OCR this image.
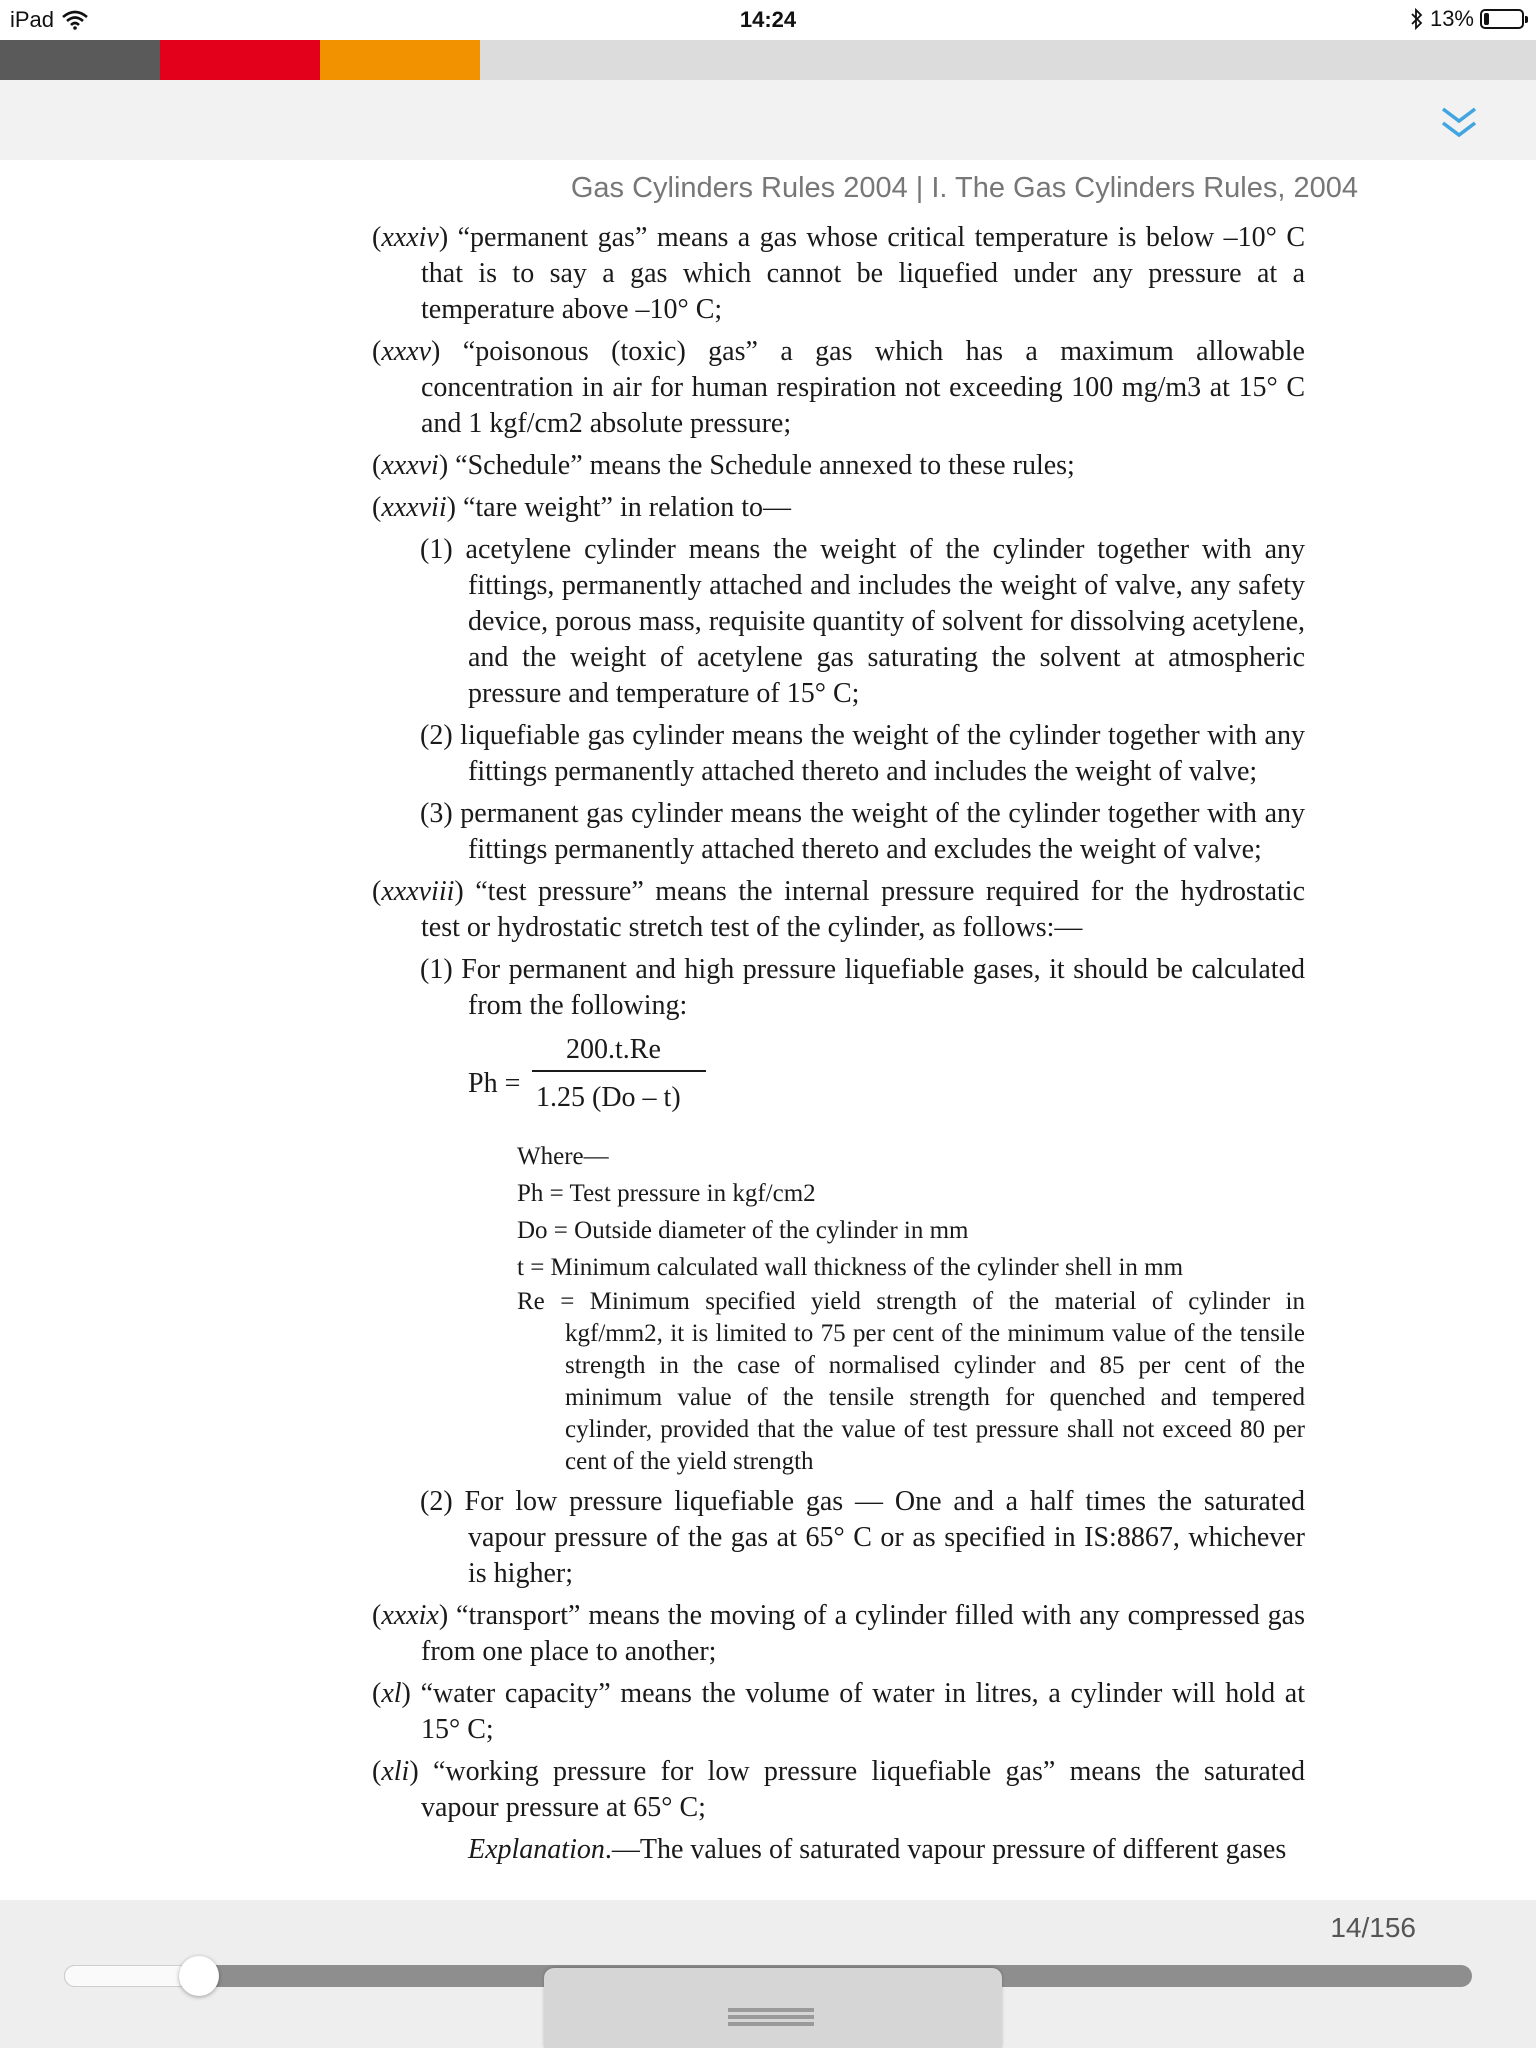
iPad	14:24	13%
Gas Cylinders Rules 2004 | I. The Gas Cylinders Rules, 2004

(xxxiv) “permanent gas” means a gas whose critical temperature is below –10° C that is to say a gas which cannot be liquefied under any pressure at a temperature above –10° C;

(xxxv) “poisonous (toxic) gas” a gas which has a maximum allowable concentration in air for human respiration not exceeding 100 mg/m3 at 15° C and 1 kgf/cm2 absolute pressure;

(xxxvi) “Schedule” means the Schedule annexed to these rules;

(xxxvii) “tare weight” in relation to—

(1) acetylene cylinder means the weight of the cylinder together with any fittings, permanently attached and includes the weight of valve, any safety device, porous mass, requisite quantity of solvent for dissolving acetylene, and the weight of acetylene gas saturating the solvent at atmospheric pressure and temperature of 15° C;

(2) liquefiable gas cylinder means the weight of the cylinder together with any fittings permanently attached thereto and includes the weight of valve;

(3) permanent gas cylinder means the weight of the cylinder together with any fittings permanently attached thereto and excludes the weight of valve;

(xxxviii) “test pressure” means the internal pressure required for the hydrostatic test or hydrostatic stretch test of the cylinder, as follows:—

(1) For permanent and high pressure liquefiable gases, it should be calculated from the following:

Ph =
200.t.Re
1.25 (Do – t)
Where—
Ph = Test pressure in kgf/cm2
Do = Outside diameter of the cylinder in mm
t = Minimum calculated wall thickness of the cylinder shell in mm
Re = Minimum specified yield strength of the material of cylinder in kgf/mm2, it is limited to 75 per cent of the minimum value of the tensile strength in the case of normalised cylinder and 85 per cent of the minimum value of the tensile strength for quenched and tempered cylinder, provided that the value of test pressure shall not exceed 80 per cent of the yield strength

(2) For low pressure liquefiable gas — One and a half times the saturated vapour pressure of the gas at 65° C or as specified in IS:8867, whichever is higher;

(xxxix) “transport” means the moving of a cylinder filled with any compressed gas from one place to another;

(xl) “water capacity” means the volume of water in litres, a cylinder will hold at 15° C;

(xli) “working pressure for low pressure liquefiable gas” means the saturated vapour pressure at 65° C;

Explanation.—The values of saturated vapour pressure of different gases

14/156
